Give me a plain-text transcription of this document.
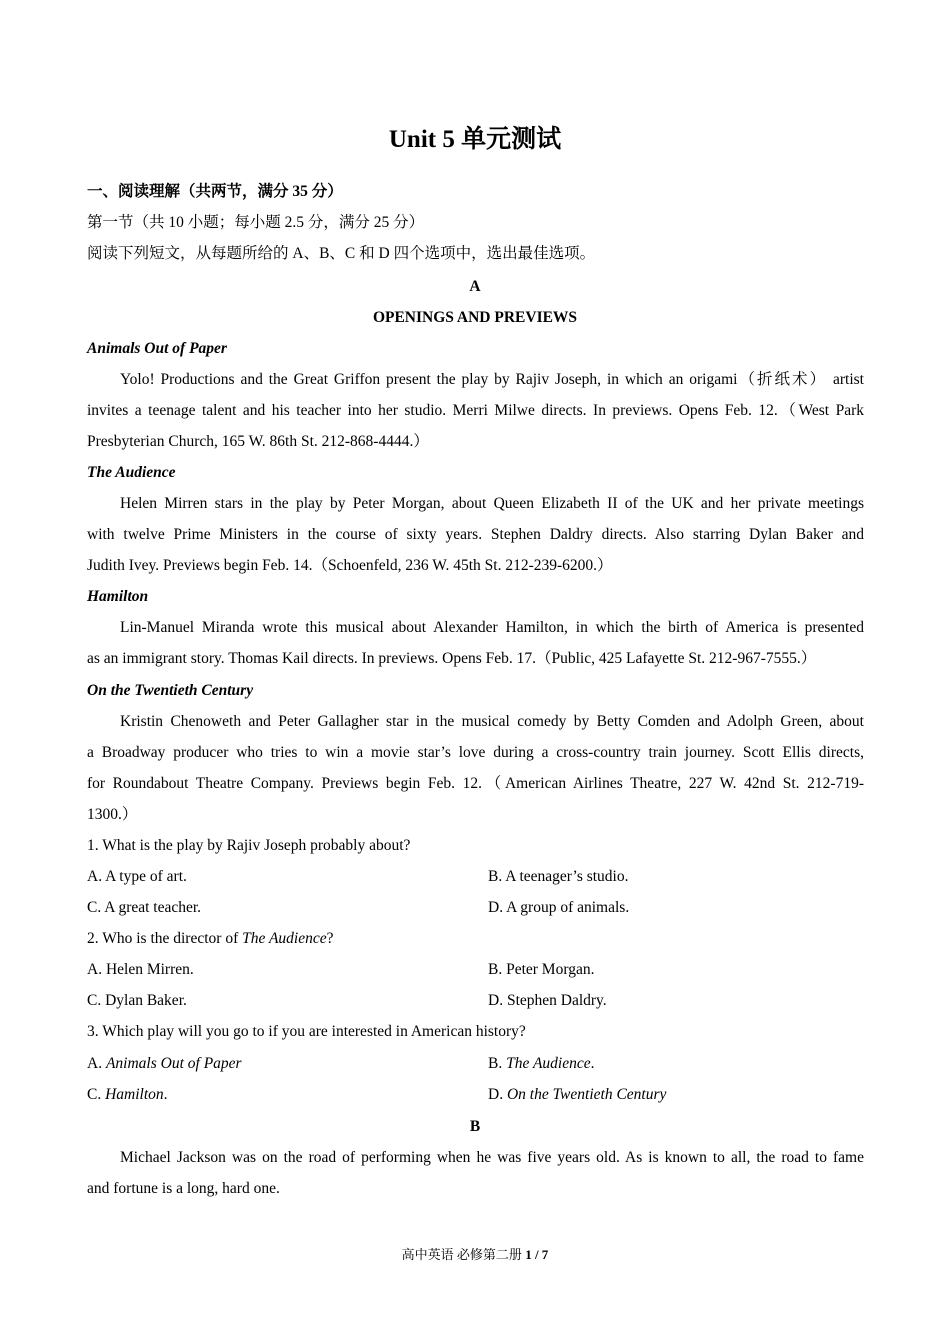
Unit 5 单元测试
一、阅读理解（共两节，满分 35 分）
第一节（共 10 小题；每小题 2.5 分，满分 25 分）
阅读下列短文，从每题所给的 A、B、C 和 D 四个选项中，选出最佳选项。
A
OPENINGS AND PREVIEWS
Animals Out of Paper
Yolo! Productions and the Great Griffon present the play by Rajiv Joseph, in which an origami（折纸术） artist
invites a teenage talent and his teacher into her studio. Merri Milwe directs. In previews. Opens Feb. 12.（West Park
Presbyterian Church, 165 W. 86th St. 212-868-4444.）
The Audience
Helen Mirren stars in the play by Peter Morgan, about Queen Elizabeth II of the UK and her private meetings
with twelve Prime Ministers in the course of sixty years. Stephen Daldry directs. Also starring Dylan Baker and
Judith Ivey. Previews begin Feb. 14.（Schoenfeld, 236 W. 45th St. 212-239-6200.）
Hamilton
Lin-Manuel Miranda wrote this musical about Alexander Hamilton, in which the birth of America is presented
as an immigrant story. Thomas Kail directs. In previews. Opens Feb. 17.（Public, 425 Lafayette St. 212-967-7555.）
On the Twentieth Century
Kristin Chenoweth and Peter Gallagher star in the musical comedy by Betty Comden and Adolph Green, about
a Broadway producer who tries to win a movie star’s love during a cross-country train journey. Scott Ellis directs,
for Roundabout Theatre Company. Previews begin Feb. 12.（American Airlines Theatre, 227 W. 42nd St. 212-719-
1300.）
1. What is the play by Rajiv Joseph probably about?
A. A type of art.	B. A teenager’s studio.
C. A great teacher.	D. A group of animals.
2. Who is the director of The Audience?
A. Helen Mirren.	B. Peter Morgan.
C. Dylan Baker.	D. Stephen Daldry.
3. Which play will you go to if you are interested in American history?
A. Animals Out of Paper	B. The Audience.
C. Hamilton.	D. On the Twentieth Century
B
Michael Jackson was on the road of performing when he was five years old. As is known to all, the road to fame
and fortune is a long, hard one.
高中英语 必修第二册 1 / 7
